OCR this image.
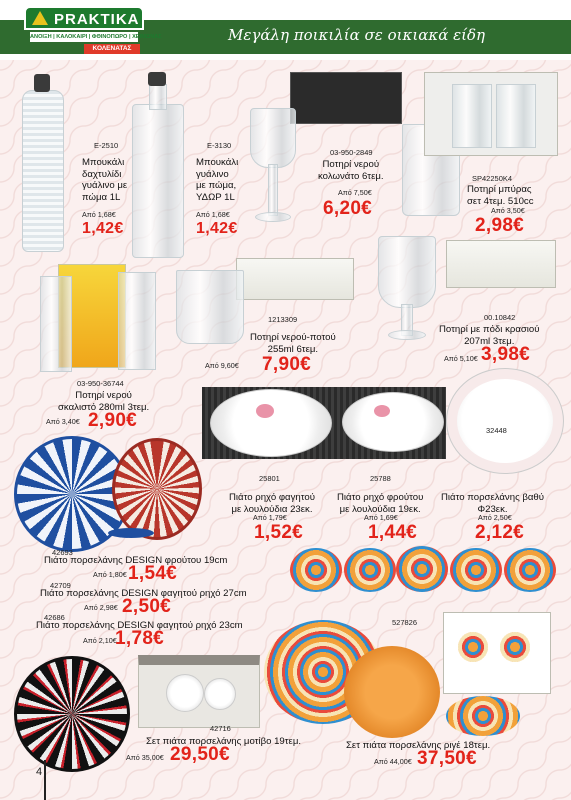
PRAKTIKA
ΑΝΟΙΞΗ | ΚΑΛΟΚΑΙΡΙ | ΦΘΙΝΟΠΩΡΟ | ΧΕΙΜΩΝΑΣ
ΚΟΛΕΝΑΤΑΣ
Μεγάλη ποικιλία σε οικιακά είδη
E-2510
Μπουκάλι
δαχτυλίδι
γυάλινο με
πώμα 1L
Από 1,68€
1,42€
E-3130
Μπουκάλι
γυάλινο
με πώμα,
ΥΔΩΡ 1L
Από 1,68€
1,42€
03-950-2849
Ποτηρί νερού
κολωνάτο 6τεμ.
Από 7,50€
6,20€
SP42250K4
Ποτηρί μπύρας
σετ 4τεμ. 510cc
Από 3,50€
2,98€
03-950-36744
Ποτηρί νερού
σκαλιστό 280ml 3τεμ.
Από 3,40€ 2,90€
1213309
Ποτηρί νερού-ποτού
255ml 6τεμ.
Από 9,60€ 7,90€
00.10842
Ποτηρί με πόδι κρασιού
207ml 3τεμ.
Από 5,10€ 3,98€
25801
Πιάτο ρηχό φαγητού
με λουλούδια 23εκ.
Από 1,79€
1,52€
25788
Πιάτο ρηχό φρούτου
με λουλούδια 19εκ.
Από 1,69€
1,44€
32448
Πιάτο πορσελάνης βαθύ
Φ23εκ.
Από 2,50€
2,12€
42693
Πιάτο πορσελάνης DESIGN φρούτου 19cm
Από 1,80€ 1,54€
42709
Πιάτο πορσελάνης DESIGN φαγητού ρηχό 27cm
Από 2,98€ 2,50€
42686
Πιάτο πορσελάνης DESIGN φαγητού ρηχό 23cm
Από 2,10€
1,78€
42716
Σετ πιάτα πορσελάνης μοτίβο 19τεμ.
Από 35,00€ 29,50€
527826
Σετ πιάτα πορσελάνης ριγέ 18τεμ.
Από 44,00€ 37,50€
4
